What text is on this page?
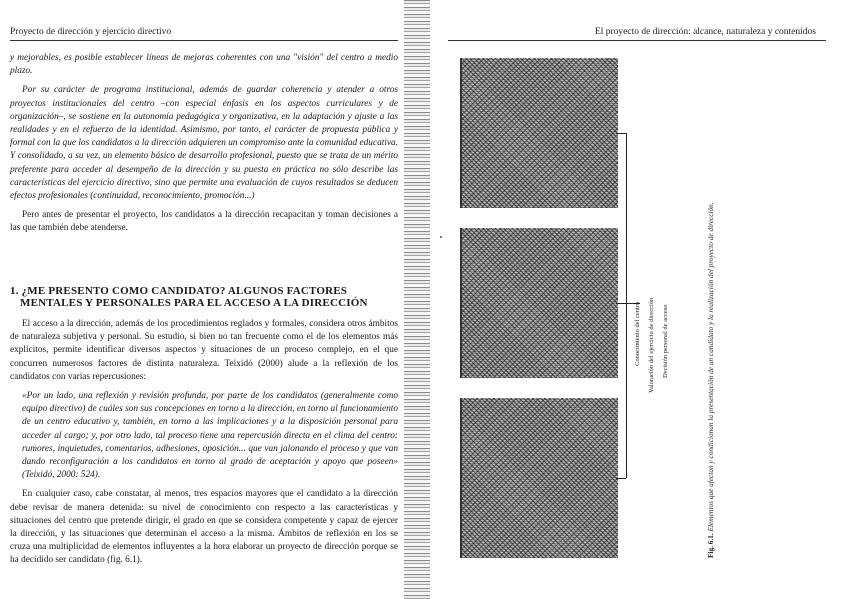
Proyecto de dirección y ejercicio directivo

y mejorables, es posible establecer líneas de mejoras coherentes con una "visión" del centro a medio plazo.

Por su carácter de programa institucional, además de guardar coherencia y atender a otros proyectos institucionales del centro –con especial énfasis en los aspectos curriculares y de organización–, se sostiene en la autonomía pedagógica y organizativa, en la adaptación y ajuste a las realidades y en el refuerzo de la identidad. Asimismo, por tanto, el carácter de propuesta pública y formal con la que los candidatos a la dirección adquieren un compromiso ante la comunidad educativa. Y consolidado, a su vez, un elemento básico de desarrollo profesional, puesto que se trata de un mérito preferente para acceder al desempeño de la dirección y su puesta en práctica no sólo describe las características del ejercicio directivo, sino que permite una evaluación de cuyos resultados se deducen efectos profesionales (continuidad, reconocimiento, promoción...)

Pero antes de presentar el proyecto, los candidatos a la dirección recapacitan y toman decisiones a las que también debe atenderse.

1. ¿ME PRESENTO COMO CANDIDATO? ALGUNOS FACTORES
MENTALES Y PERSONALES PARA EL ACCESO A LA DIRECCIÓN

El acceso a la dirección, además de los procedimientos reglados y formales, considera otros ámbitos de naturaleza subjetiva y personal. Su estudio, si bien no tan frecuente como el de los elementos más explícitos, permite identificar diversos aspectos y situaciones de un proceso complejo, en el que concurren numerosos factores de distinta naturaleza. Teixidó (2000) alude a la reflexión de los candidatos con varias repercusiones:

«Por un lado, una reflexión y revisión profunda, por parte de los candidatos (generalmente como equipo directivo) de cuáles son sus concepciones en torno a la dirección, en torno al funcionamiento de un centro educativo y, también, en torno a las implicaciones y a la disposición personal para acceder al cargo; y, por otro lado, tal proceso tiene una repercusión directa en el clima del centro: rumores, inquietudes, comentarios, adhesiones, oposición... que van jalonando el proceso y que van dando reconfiguración a los candidatos en torno al grado de aceptación y apoyo que poseen» (Teixidó, 2000: 524).

En cualquier caso, cabe constatar, al menos, tres espacios mayores que el candidato a la dirección debe revisar de manera detenida: su nivel de conocimiento con respecto a las características y situaciones del centro que pretende dirigir, el grado en que se considera competente y capaz de ejercer la dirección, y las situaciones que determinan el acceso a la misma. Ámbitos de reflexión en los se cruza una multiplicidad de elementos influyentes a la hora elaborar un proyecto de dirección porque se ha decidido ser candidato (fig. 6.1).

El proyecto de dirección: alcance, naturaleza y contenidos
Conocimiento del centro Valoración del ejercicio de dirección Decisión personal de acceso
Fig. 6.1. Elementos que afectan y condicionan la presentación de un candidato y la realización del proyecto de dirección.
